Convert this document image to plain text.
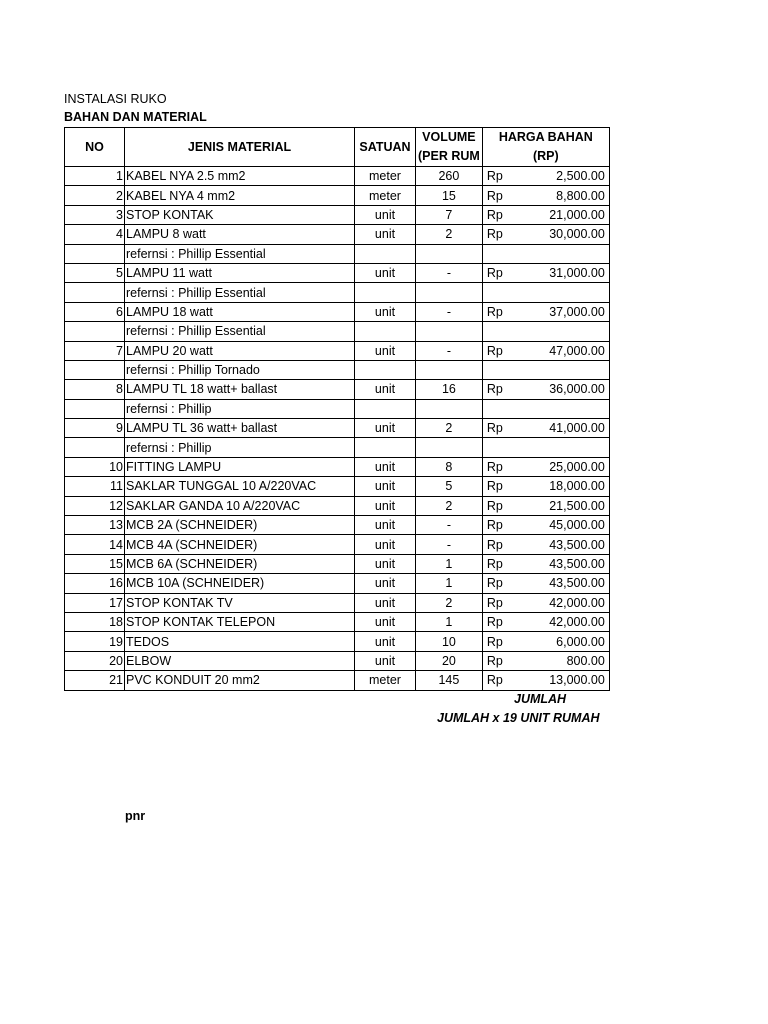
INSTALASI RUKO
BAHAN DAN MATERIAL
NO	JENIS MATERIAL	SATUAN	VOLUME
(PER RUM	HARGA BAHAN
(RP)	
1	KABEL NYA 2.5 mm2	meter	260	Rp	2,500.00
2	KABEL NYA 4 mm2	meter	15	Rp	8,800.00
3	STOP KONTAK	unit	7	Rp	21,000.00
4	LAMPU 8 watt	unit	2	Rp	30,000.00
	refernsi : Phillip Essential				
5	LAMPU 11 watt	unit	-	Rp	31,000.00
	refernsi : Phillip Essential				
6	LAMPU 18 watt	unit	-	Rp	37,000.00
	refernsi : Phillip Essential				
7	LAMPU 20 watt	unit	-	Rp	47,000.00
	refernsi : Phillip Tornado				
8	LAMPU TL 18 watt+ ballast	unit	16	Rp	36,000.00
	refernsi : Phillip				
9	LAMPU TL 36 watt+ ballast	unit	2	Rp	41,000.00
	refernsi : Phillip				
10	FITTING LAMPU	unit	8	Rp	25,000.00
11	SAKLAR TUNGGAL 10 A/220VAC	unit	5	Rp	18,000.00
12	SAKLAR GANDA 10 A/220VAC	unit	2	Rp	21,500.00
13	MCB 2A (SCHNEIDER)	unit	-	Rp	45,000.00
14	MCB 4A (SCHNEIDER)	unit	-	Rp	43,500.00
15	MCB 6A (SCHNEIDER)	unit	1	Rp	43,500.00
16	MCB 10A (SCHNEIDER)	unit	1	Rp	43,500.00
17	STOP KONTAK TV	unit	2	Rp	42,000.00
18	STOP KONTAK TELEPON	unit	1	Rp	42,000.00
19	TEDOS	unit	10	Rp	6,000.00
20	ELBOW	unit	20	Rp	800.00
21	PVC KONDUIT 20 mm2	meter	145	Rp	13,000.00
JUMLAH
JUMLAH x 19 UNIT RUMAH
pnr
